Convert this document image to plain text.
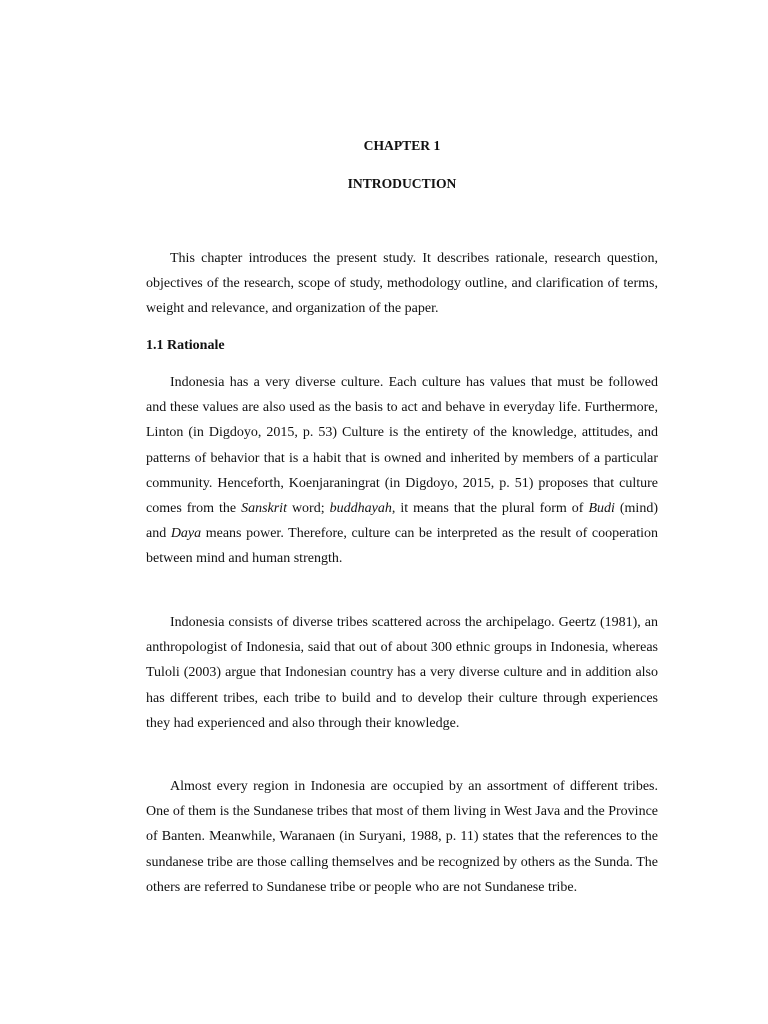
CHAPTER 1
INTRODUCTION

This chapter introduces the present study. It describes rationale, research question, objectives of the research, scope of study, methodology outline, and clarification of terms, weight and relevance, and organization of the paper.

1.1 Rationale

Indonesia has a very diverse culture. Each culture has values that must be followed and these values are also used as the basis to act and behave in everyday life. Furthermore, Linton (in Digdoyo, 2015, p. 53) Culture is the entirety of the knowledge, attitudes, and patterns of behavior that is a habit that is owned and inherited by members of a particular community. Henceforth, Koenjaraningrat (in Digdoyo, 2015, p. 51) proposes that culture comes from the Sanskrit word; buddhayah, it means that the plural form of Budi (mind) and Daya means power. Therefore, culture can be interpreted as the result of cooperation between mind and human strength.

Indonesia consists of diverse tribes scattered across the archipelago. Geertz (1981), an anthropologist of Indonesia, said that out of about 300 ethnic groups in Indonesia, whereas Tuloli (2003) argue that Indonesian country has a very diverse culture and in addition also has different tribes, each tribe to build and to develop their culture through experiences they had experienced and also through their knowledge.

Almost every region in Indonesia are occupied by an assortment of different tribes. One of them is the Sundanese tribes that most of them living in West Java and the Province of Banten. Meanwhile, Waranaen (in Suryani, 1988, p. 11) states that the references to the sundanese tribe are those calling themselves and be recognized by others as the Sunda. The others are referred to Sundanese tribe or people who are not Sundanese tribe.
